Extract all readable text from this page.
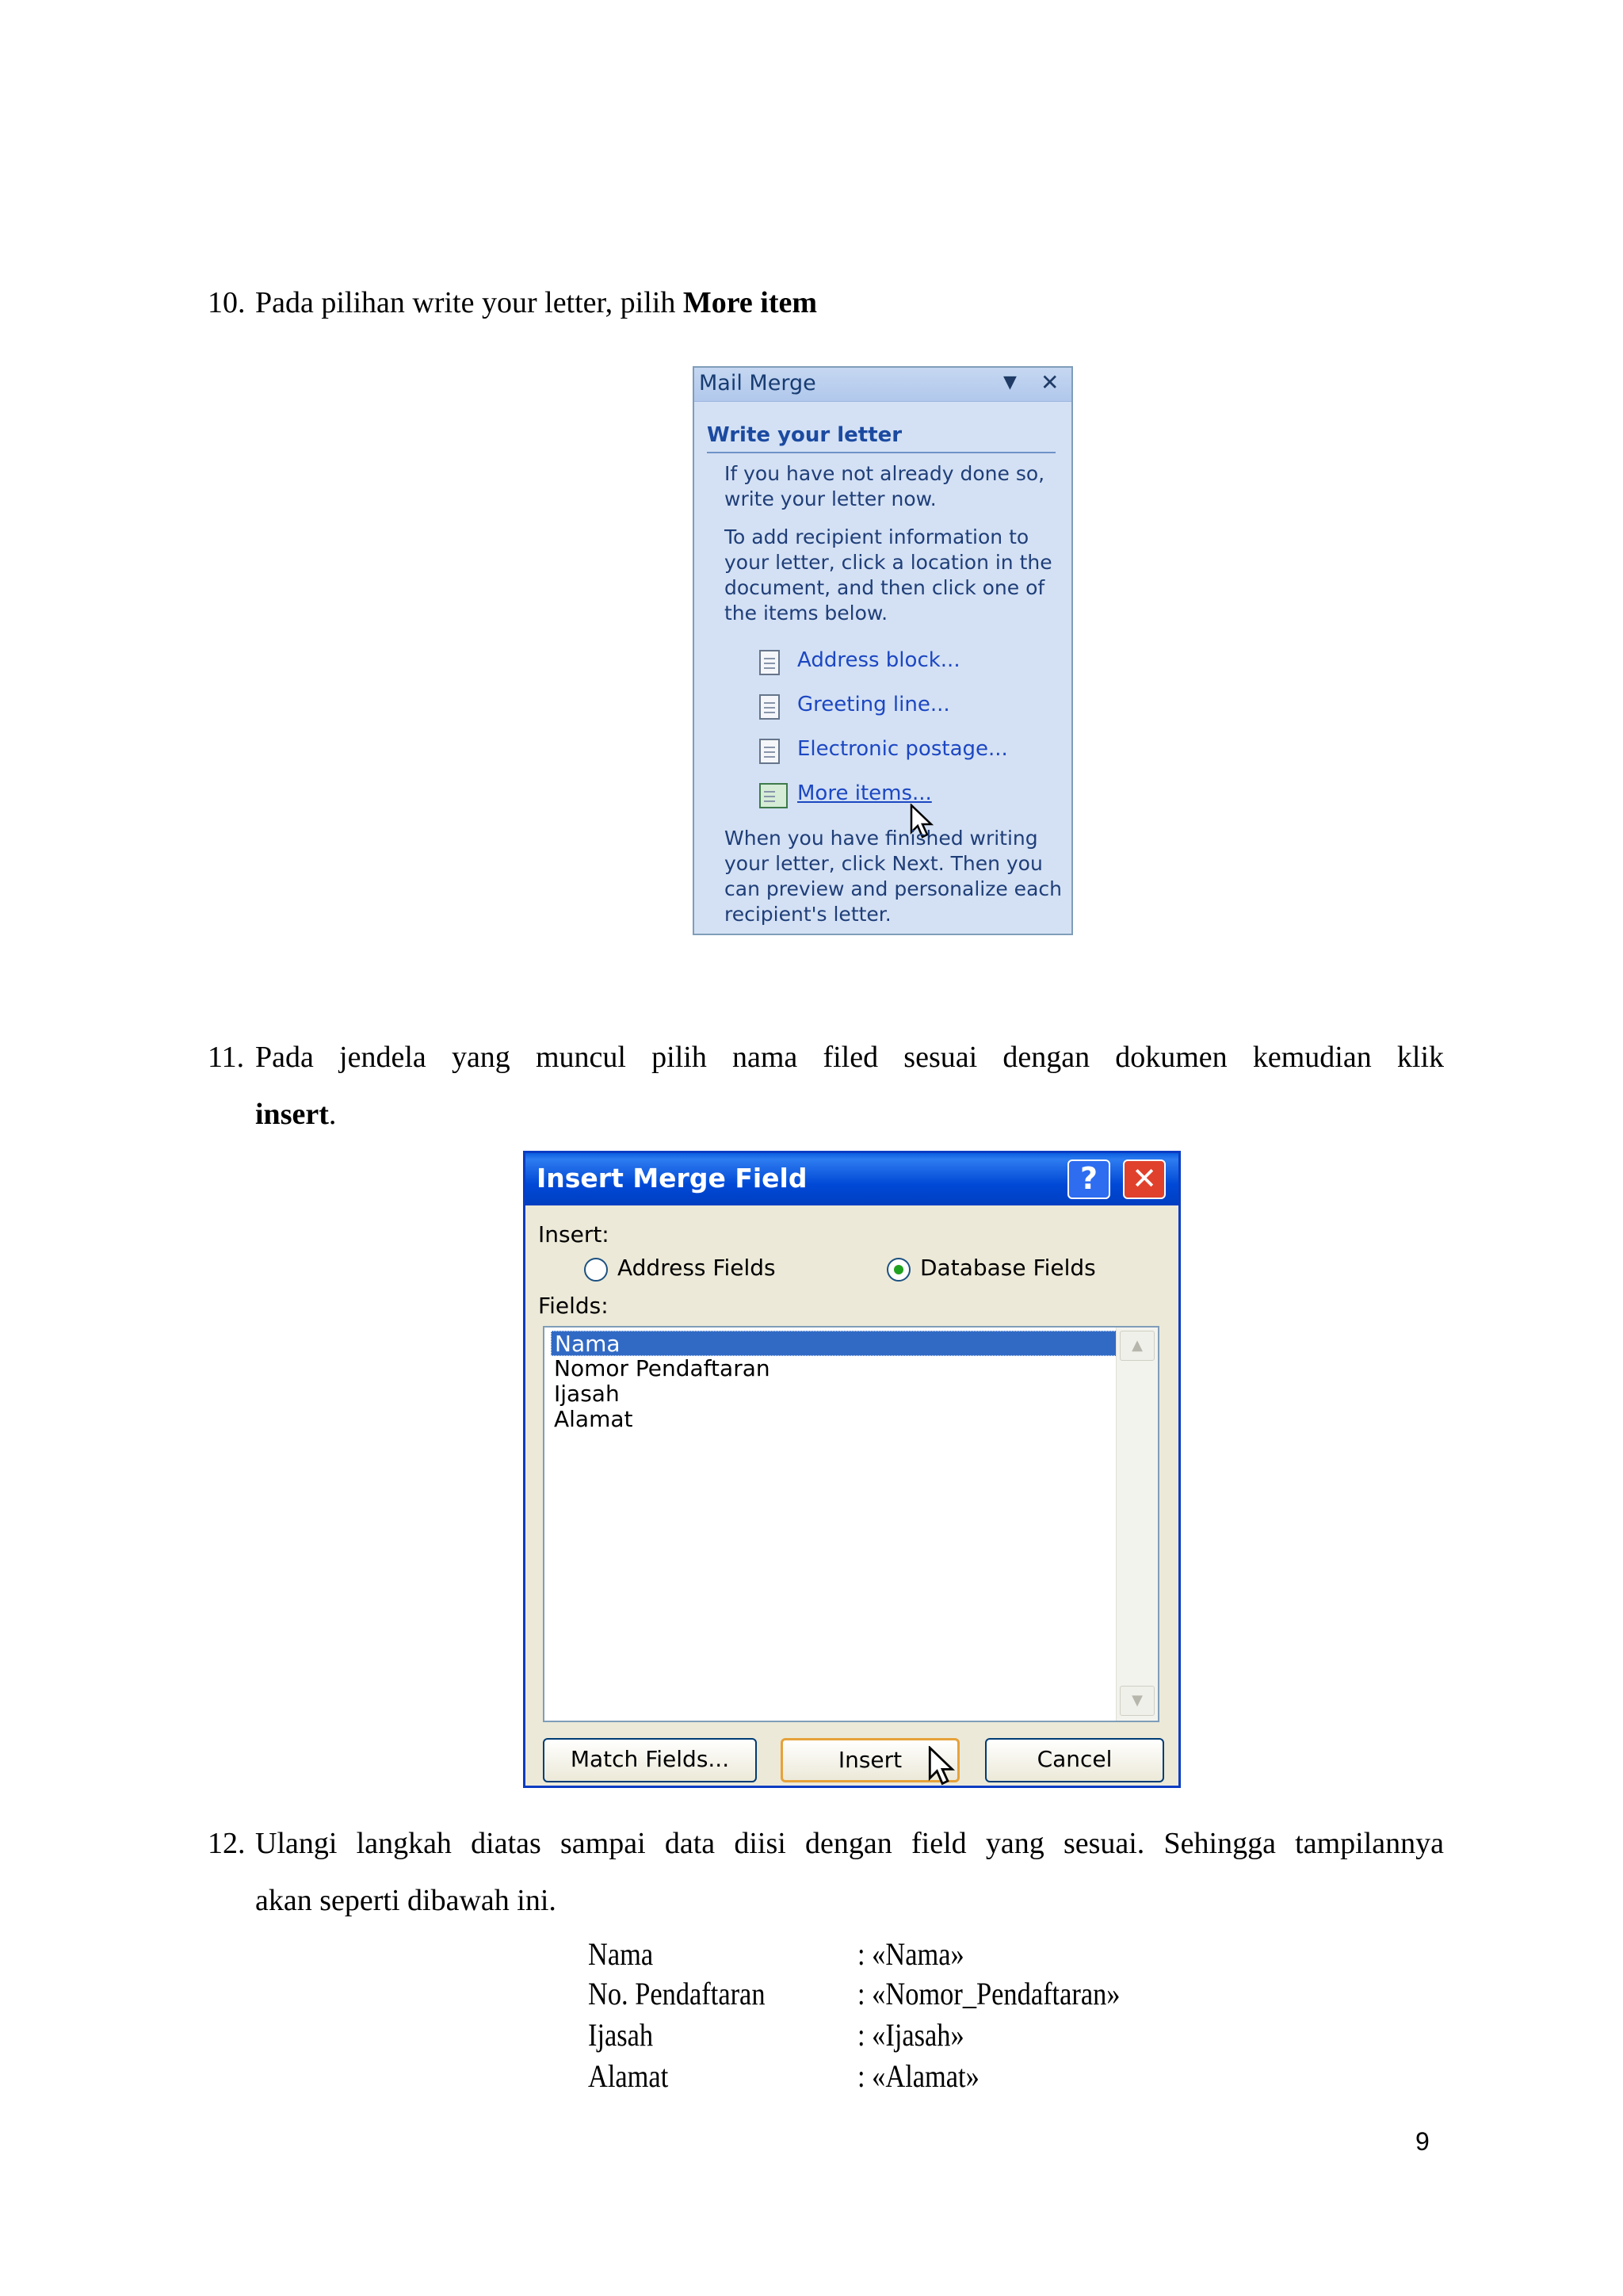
10. Pada pilihan write your letter, pilih More item
Mail Merge	▼ ✕
Write your letter
If you have not already done so,
write your letter now.
To add recipient information to
your letter, click a location in the
document, and then click one of
the items below.
Address block...
Greeting line...
Electronic postage...
More items...
When you have finished writing
your letter, click Next. Then you
can preview and personalize each
recipient's letter.
11. Pada jendela yang muncul pilih nama filed sesuai dengan dokumen kemudian klik
insert.
Insert Merge Field	?	✕
Insert:
Address Fields	Database Fields
Fields:
Nama
Nomor Pendaftaran
Ijasah
Alamat
▲
▼
Match Fields...	Insert	Cancel
12. Ulangi langkah diatas sampai data diisi dengan field yang sesuai. Sehingga tampilannya
akan seperti dibawah ini.
Nama	: «Nama»
No. Pendaftaran	: «Nomor_Pendaftaran»
Ijasah	: «Ijasah»
Alamat	: «Alamat»
9
